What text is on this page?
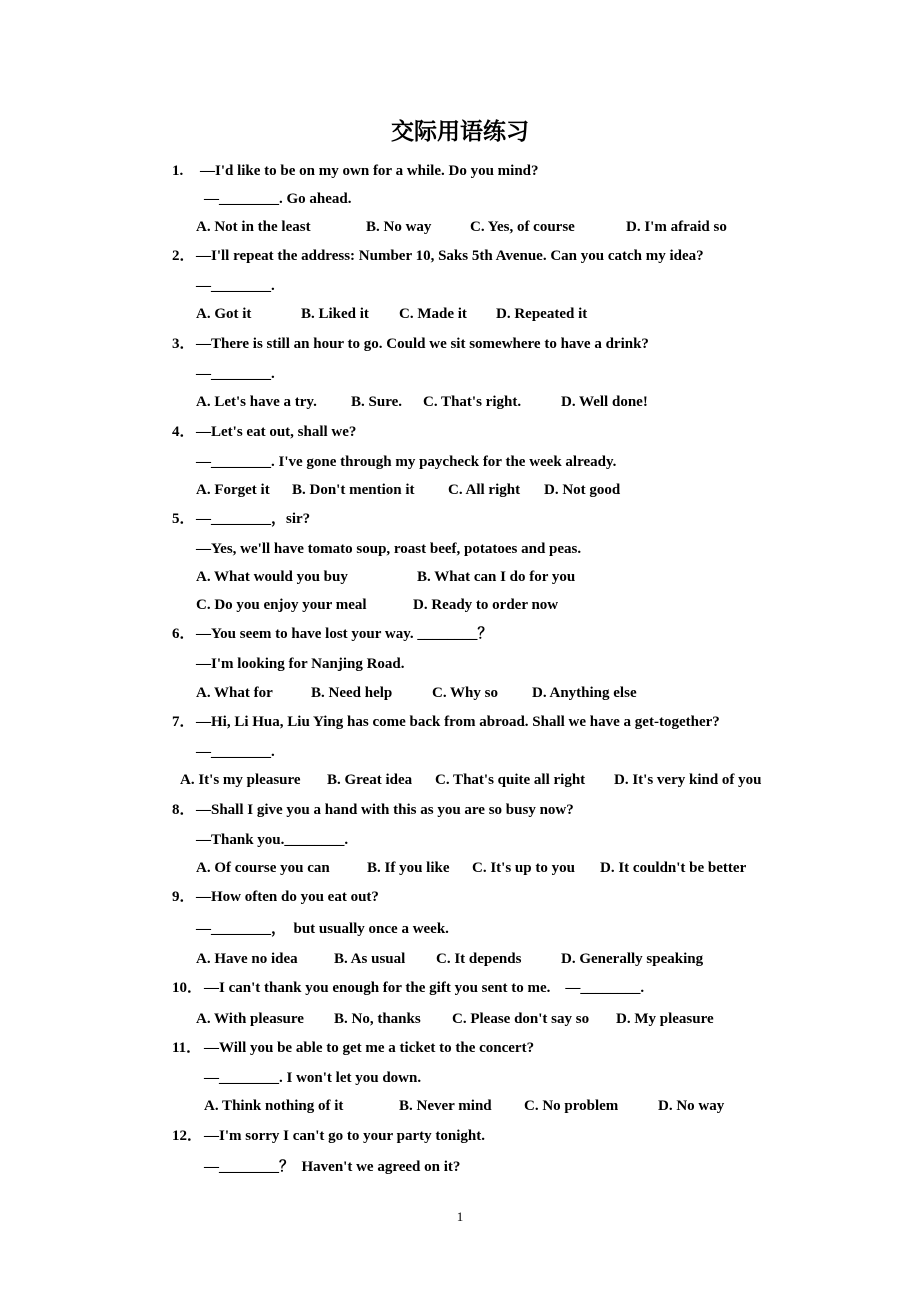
交际用语练习
1. —I'd like to be on my own for a while. Do you mind?
—________. Go ahead.
A. Not in the least	B. No way	C. Yes, of course	D. I'm afraid so
2． —I'll repeat the address: Number 10, Saks 5th Avenue. Can you catch my idea?
—________.
A. Got it	B. Liked it C. Made it D. Repeated it
3． —There is still an hour to go. Could we sit somewhere to have a drink?
—________.
A. Let's have a try. B. Sure. C. That's right.	D. Well done!
4． —Let's eat out, shall we?
—________. I've gone through my paycheck for the week already.
A. Forget it B. Don't mention it C. All right D. Not good
5． —________，sir?
—Yes, we'll have tomato soup, roast beef, potatoes and peas.
A. What would you buy	B. What can I do for you
C. Do you enjoy your meal	D. Ready to order now
6． —You seem to have lost your way. ________？
—I'm looking for Nanjing Road.
A. What for	B. Need help	C. Why so D. Anything else
7． —Hi, Li Hua, Liu Ying has come back from abroad. Shall we have a get-together?
—________.
A. It's my pleasure B. Great idea C. That's quite all right D. It's very kind of you
8． —Shall I give you a hand with this as you are so busy now?
—Thank you.________.
A. Of course you can B. If you like C. It's up to you D. It couldn't be better
9． —How often do you eat out?
—________，  but usually once a week.
A. Have no idea B. As usual C. It depends	D. Generally speaking
10． —I can't thank you enough for the gift you sent to me.    —________.
A. With pleasure B. No, thanks C. Please don't say so D. My pleasure
11． —Will you be able to get me a ticket to the concert?
—________. I won't let you down.
A. Think nothing of it	B. Never mind C. No problem	D. No way
12． —I'm sorry I can't go to your party tonight.
—________？  Haven't we agreed on it?
1
